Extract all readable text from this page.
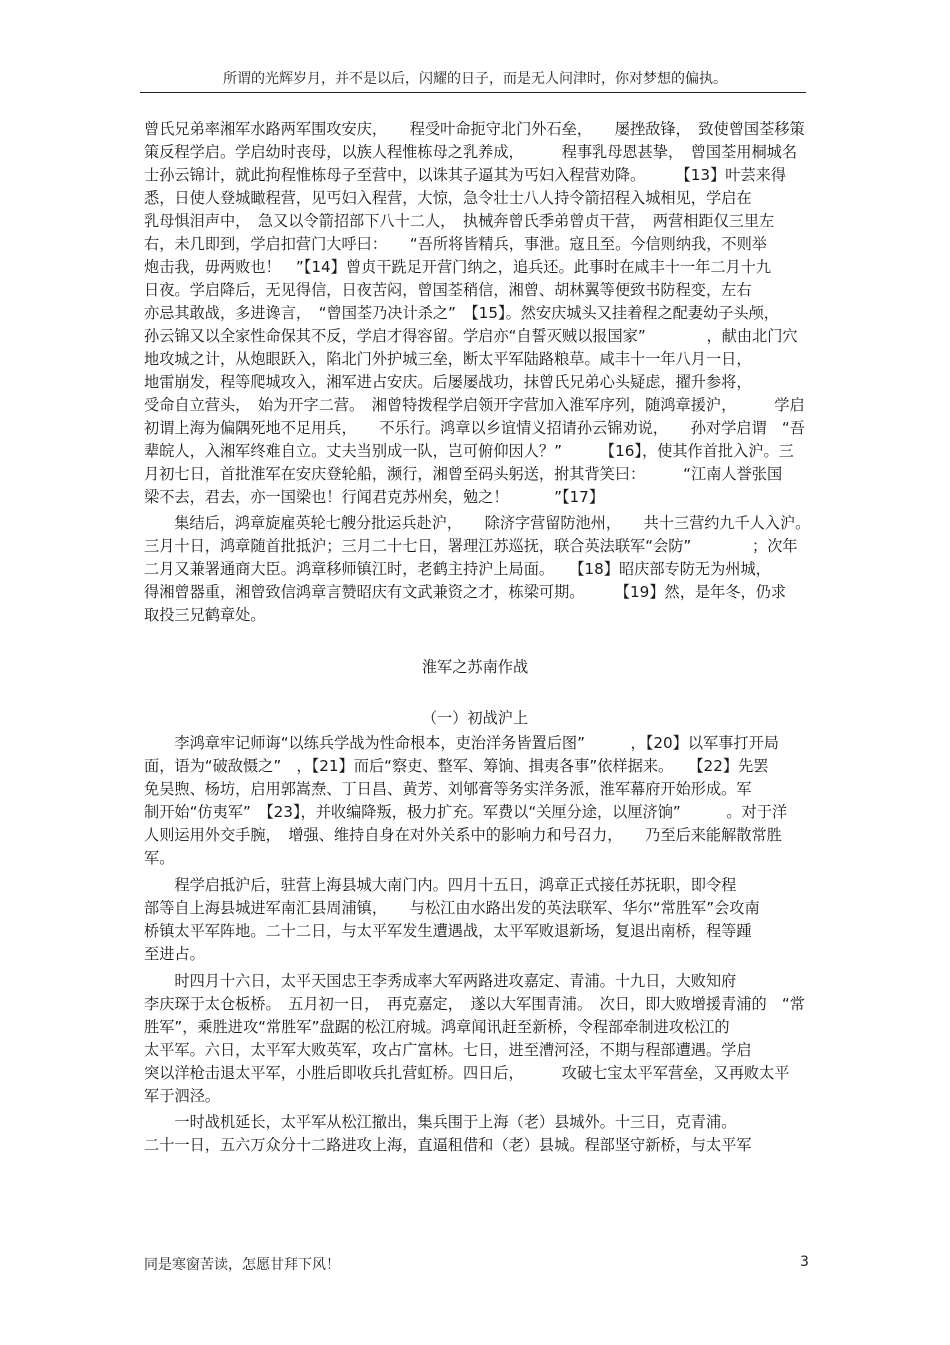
所谓的光辉岁月，并不是以后，闪耀的日子，而是无人问津时，你对梦想的偏执。
曾氏兄弟率湘军水路两军围攻安庆，　　程受叶命扼守北门外石垒，　　屡挫敌锋，　致使曾国荃移策
策反程学启。学启幼时丧母，以族人程惟栋母之乳养成，　　　程事乳母恩甚挚，　曾国荃用桐城名
士孙云锦计，就此拘程惟栋母子至营中，以诛其子逼其为丐妇入程营劝降。　　　【13】叶芸来得
悉，日使人登城瞰程营，见丐妇入程营，大惊，急令壮士八人持令箭招程入城相见，学启在
乳母惧泪声中，　急又以令箭招部下八十二人，　执械奔曾氏季弟曾贞干营，　两营相距仅三里左
右，未几即到，学启扣营门大呼曰：　　“吾所将皆精兵，事泄。寇且至。今信则纳我，不则举
炮击我，毋两败也！　”【14】曾贞干跣足开营门纳之，追兵还。此事时在咸丰十一年二月十九
日夜。学启降后，无见得信，日夜苦闷，曾国荃稍信，湘曾、胡林翼等便致书防程变，左右
亦忌其敢战，多进谗言，　“曾国荃乃决计杀之”　【15】。然安庆城头又挂着程之配妻幼子头颅，
孙云锦又以全家性命保其不反，学启才得容留。学启亦“自誓灭贼以报国家”　　　　，献由北门穴
地攻城之计，从炮眼跃入，陷北门外护城三垒，断太平军陆路粮草。咸丰十一年八月一日，
地雷崩发，程等爬城攻入，湘军进占安庆。后屡屡战功，抹曾氏兄弟心头疑虑，擢升参将，
受命自立营头，　始为开字二营。　湘曾特拨程学启领开字营加入淮军序列，随鸿章援沪，　　　学启
初谓上海为偏隅死地不足用兵，　　不乐行。鸿章以乡谊情义招请孙云锦劝说，　　孙对学启谓　“吾
辈皖人，入湘军终难自立。丈夫当别成一队，岂可俯仰因人？”　　　【16】，使其作首批入沪。三
月初七日，首批淮军在安庆登轮船，濒行，湘曾至码头躬送，拊其背笑曰：　　　“江南人誉张国
梁不去，君去，亦一国梁也！行闻君克苏州矣，勉之！　　　”【17】
　　集结后，鸿章旋雇英轮七艘分批运兵赴沪，　　除济字营留防池州，　　共十三营约九千人入沪。
三月十日，鸿章随首批抵沪；三月二十七日，署理江苏巡抚，联合英法联军“会防”　　　　；次年
二月又兼署通商大臣。鸿章移师镇江时，老鹤主持沪上局面。　　【18】昭庆部专防无为州城，
得湘曾器重，湘曾致信鸿章言赞昭庆有文武兼资之才，栋梁可期。　　　【19】然，是年冬，仍求
取投三兄鹤章处。
淮军之苏南作战
（一）初战沪上
　　李鸿章牢记师诲“以练兵学战为性命根本，吏治洋务皆置后图”　　　，【20】以军事打开局
面，语为“破敌慑之”　，【21】而后“察吏、整军、筹饷、揖夷各事”依样据来。　　【22】先罢
免吴煦、杨坊，启用郭嵩焘、丁日昌、黄芳、刘郇膏等务实洋务派，淮军幕府开始形成。军
制开始“仿夷军”　【23】，并收编降叛，极力扩充。军费以“关厘分途，以厘济饷”　　　。对于洋
人则运用外交手腕，　增强、维持自身在对外关系中的影响力和号召力，　　乃至后来能解散常胜
军。
　　程学启抵沪后，驻营上海县城大南门内。四月十五日，鸿章正式接任苏抚职，即令程
部等自上海县城进军南汇县周浦镇，　　与松江由水路出发的英法联军、华尔“常胜军”会攻南
桥镇太平军阵地。二十二日，与太平军发生遭遇战，太平军败退新场，复退出南桥，程等踵
至进占。
　　时四月十六日，太平天国忠王李秀成率大军两路进攻嘉定、青浦。十九日，大败知府
李庆琛于太仓板桥。　五月初一日，　再克嘉定，　遂以大军围青浦。　次日，即大败增援青浦的　“常
胜军”，乘胜进攻“常胜军”盘踞的松江府城。鸿章闻讯赶至新桥，令程部牵制进攻松江的
太平军。六日，太平军大败英军，攻占广富林。七日，进至漕河泾，不期与程部遭遇。学启
突以洋枪击退太平军，小胜后即收兵扎营虹桥。四日后，　　　攻破七宝太平军营垒，又再败太平
军于泗泾。
　　一时战机延长，太平军从松江撤出，集兵围于上海（老）县城外。十三日，克青浦。
二十一日，五六万众分十二路进攻上海，直逼租借和（老）县城。程部坚守新桥，与太平军
同是寒窗苦读，怎愿甘拜下风！	3
